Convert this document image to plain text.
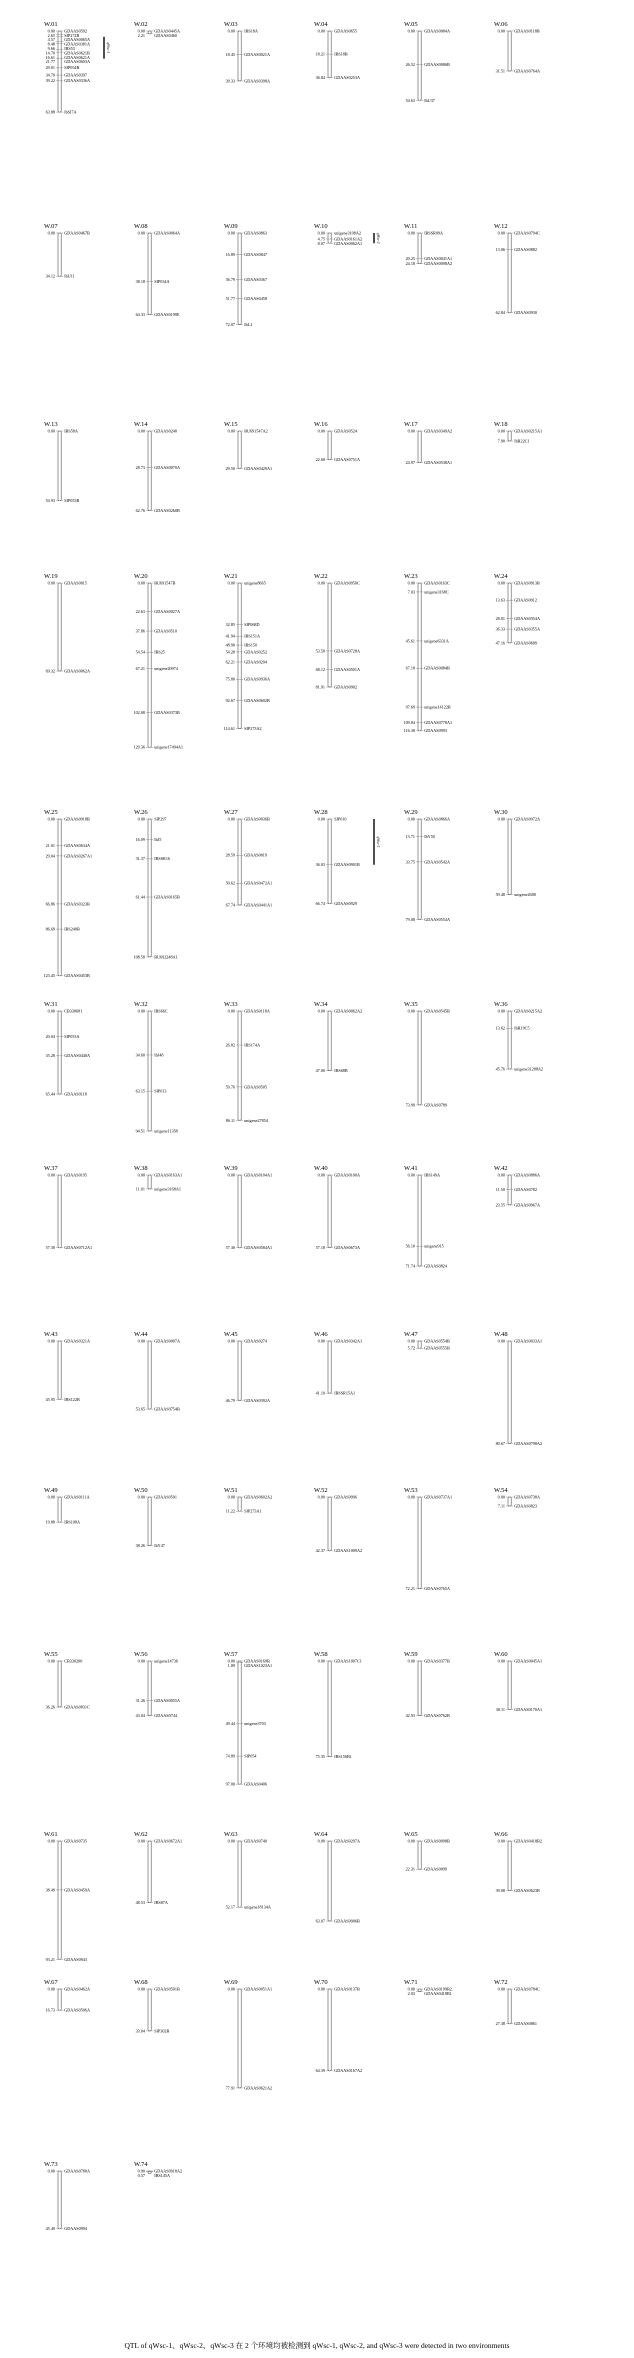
W.01
0.00 GDAAS0592
2.65 SIP272B
4.57 GDAAS0065A
8.48 GDAAS0381A
9.66 IBS53
14.70 GDAAS0621B
16.61 GDAAS0621A
21.77 GDAAS0603A
29.01 SIP054B
34.70 GDAAS0397
39.22 GDAAS0336A
63.88 IbSI7A
qWsc-1
W.02
0.00 GDAAS0445A
2.21 GDAAS0460
W.03
0.00 IBS18A
18.45 GDAAS0021A
39.33 GDAAS0398A
W.04
0.00 GDAAS0655
18.21 IBS18B
36.84 GDAAS0253A
W.05
0.00 GDAAS0084A
26.52 GDAAS0086B
54.63 IbU37
W.06
0.00 GDAAS0118B
31.51 GDAAS0764A
W.07
0.00 GDAAS0467B
34.12 IbU11
W.08
0.00 GDAAS0064A
38.18 SIP034A
64.33 GDAAS0199E
W.09
0.00 GDAAS0863
16.89 GDAAS0847
36.79 GDAAS0367
51.77 GDAAS0458
72.07 IbL2
W.10
0.00 unigene3108A2
4.75 GDAAS0161A2
8.07 GDAAS0062A1	qWsc-2
W.11
0.00 IBSSR09A
20.25 GDAAS0041A1
24.18 GDAAS0098A2
W.12
0.00 GDAAS0794C
13.06 GDAAS0882
62.84 GDAAS0930
W.13
0.00 IBS58A
54.93 SIP053B
W.14
0.00 GDAAS0240
28.73 GDAAS0070A
62.76 GDAAS0260B
W.15
0.00 BU691547A2
29.50 GDAAS0429A1
W.16
0.00 GDAAS0524
22.60 GDAAS0751A
W.17
0.00 GDAAS0349A2
24.97 GDAAS0538A1
W.18
0.00 GDAAS0215A1
7.90 IbR22C1
W.19
0.00 GDAAS0015
69.32 GDAAS0062A
W.20
0.00 BU691547B
22.63 GDAAS0027A
37.86 GDAAS0510
54.54 IBS25
67.21 unigene20974
102.08 GDAAS0373B
129.36 unigene17494A1
W.21
0.00 unigene8665
32.85 SIP068D
41.94 IBS151A
48.90 IBS150
54.28 GDAAS0252
62.21 GDAAS0294
75.80 GDAAS0936A
92.67 GDAAS0602B
114.61 SIP273A2
W.22
0.00 GDAAS0950C
53.50 GDAAS0728A
68.12 GDAAS0501A
81.91 GDAAS0902
W.23
0.00 GDAAS0163C
7.03 unigene3168C
45.61 unigene6331A
67.18 GDAAS0084B
97.69 unigene14122B
109.84 GDAAS0778A1
116.38 GDAAS0993
W.24
0.00 GDAAS0913B
13.63 GDAAS0912
28.01 GDAAS0354A
36.33 GDAAS0355A
47.16 GDAAS0689
W.25
0.00 GDAAS0918B
21.01 GDAAS0634A
29.04 GDAAS0267A1
66.86 GDAAS0323B
86.69 IBS240B
123.45 GDAAS0453B
W.26
0.00 SIP297
16.09 IbJ5
31.37 IBSSR16
61.44 GDAAS0165B
108.58 BU692248A1
W.27
0.00 GDAAS0036B
28.59 GDAAS0019
50.62 GDAAS0472A1
67.74 GDAAS0441A1
W.28
0.00 SIP010
36.03 GDAAS0901B
66.74 GDAAS0929
qWsc-3
W.29
0.00 GDAAS0866A
13.71 IbY50
33.75 GDAAS0542A
79.08 GDAAS0554A
W.30
0.00 GDAAS0972A
59.48 unigene2688
W.31
0.00 CB330681
20.04 SIP053A
35.28 GDAAS0440A
65.44 GDAAS0118
W.32
0.00 IBS66C
34.60 IbJ48
63.15 SIP013
94.51 unigene11358
W.33
0.00 GDAAS0118A
26.82 IBS174A
59.76 GDAAS0505
86.11 unigene27854
W.34
0.00 GDAAS0062A2
47.00 IBS68B
W.35
0.00 GDAAS0545B
73.99 GDAAS0789
W.36
0.00 GDAAS0215A2
13.62 IbR19C5
45.76 unigene31288A2
W.37
0.00 GDAAS0195
57.30 GDAAS0712A1
W.38
0.00 GDAAS0163A1
11.01 unigene3168A1
W.39
0.00 GDAAS0104A1
57.30 GDAAS0584A1
W.40
0.00 GDAAS0100A
57.18 GDAAS0673A
W.41
0.00 IBS149A
56.10 unigene915
71.74 GDAAS0824
W.42
0.00 GDAAS0886A
11.50 GDAAS0782
23.55 GDAAS0967A
W.43
0.00 GDAAS0321A
45.95 IBS122B
W.44
0.00 GDAAS0007A
53.65 GDAAS0754B
W.45
0.00 GDAAS0274
46.79 GDAAS0392A
W.46
0.00 GDAAS0342A1
41.10 IBSSR15A1
W.47
0.00 GDAAS0554B
5.72 GDAAS0555B
W.48
0.00 GDAAS0033A1
80.67 GDAAS0798A2
W.49
0.00 GDAAS0111A
19.88 IBS108A
W.50
0.00 GDAAS0501
38.26 IbY47
W.51
0.00 GDAAS0602A2
11.22 SIP273A1
W.52
0.00 GDAAS0996
42.37 GDAAS1009A2
W.53
0.00 GDAAS0737A1
72.21 GDAAS0765A
W.54
0.00 GDAAS0738A
7.11 GDAAS0823
W.55
0.00 CB330200
36.26 GDAAS0831C
W.56
0.00 unigene14736
31.26 GDAAS0055A
43.04 GDAAS0744
W.57
0.00 GDAAS0169B
1.09 GDAAS1023A1
49.44 unigene3703
74.89 SIP054
97.00 GDAAS0406
W.58
0.00 GDAAS1007C1
75.35 IBS156B1
W.59
0.00 GDAAS0377B
42.93 GDAAS0762B
W.60
0.00 GDAAS0045A1
38.11 GDAAS0170A1
W.61
0.00 GDAAS0735
38.49 GDAAS0459A
93.21 GDAAS0943
W.62
0.00 GDAAS0672A1
48.53 IBS87A
W.63
0.00 GDAAS0740
52.17 unigene18134A
W.64
0.00 GDAAS0297A
63.07 GDAAS0906B
W.65
0.00 GDAAS0098B
22.31 GDAAS0099
W.66
0.00 GDAAS0418B2
39.08 GDAAS0623B
W.67
0.00 GDAAS0462A
16.73 GDAAS0506A
W.68
0.00 GDAAS0501B
33.04 SIP302B
W.69
0.00 GDAAS0051A1
77.91 GDAAS0621A2
W.70
0.00 GDAAS0137B
64.39 GDAAS0167A2
W.71
0.00 GDAAS0199B2
2.03 GDAAS0418B1
W.72
0.00 GDAAS0784C
27.38 GDAAS0861
W.73
0.00 GDAAS0780A
45.49 GDAAS0994
W.74
0.00 GDAAS0918A2
0.57 IBS145A
QTL of qWsc-1、qWsc-2、qWsc-3 在 2 个环境均被检测到 qWsc-1, qWsc-2, and qWsc-3 were detected in two environments
